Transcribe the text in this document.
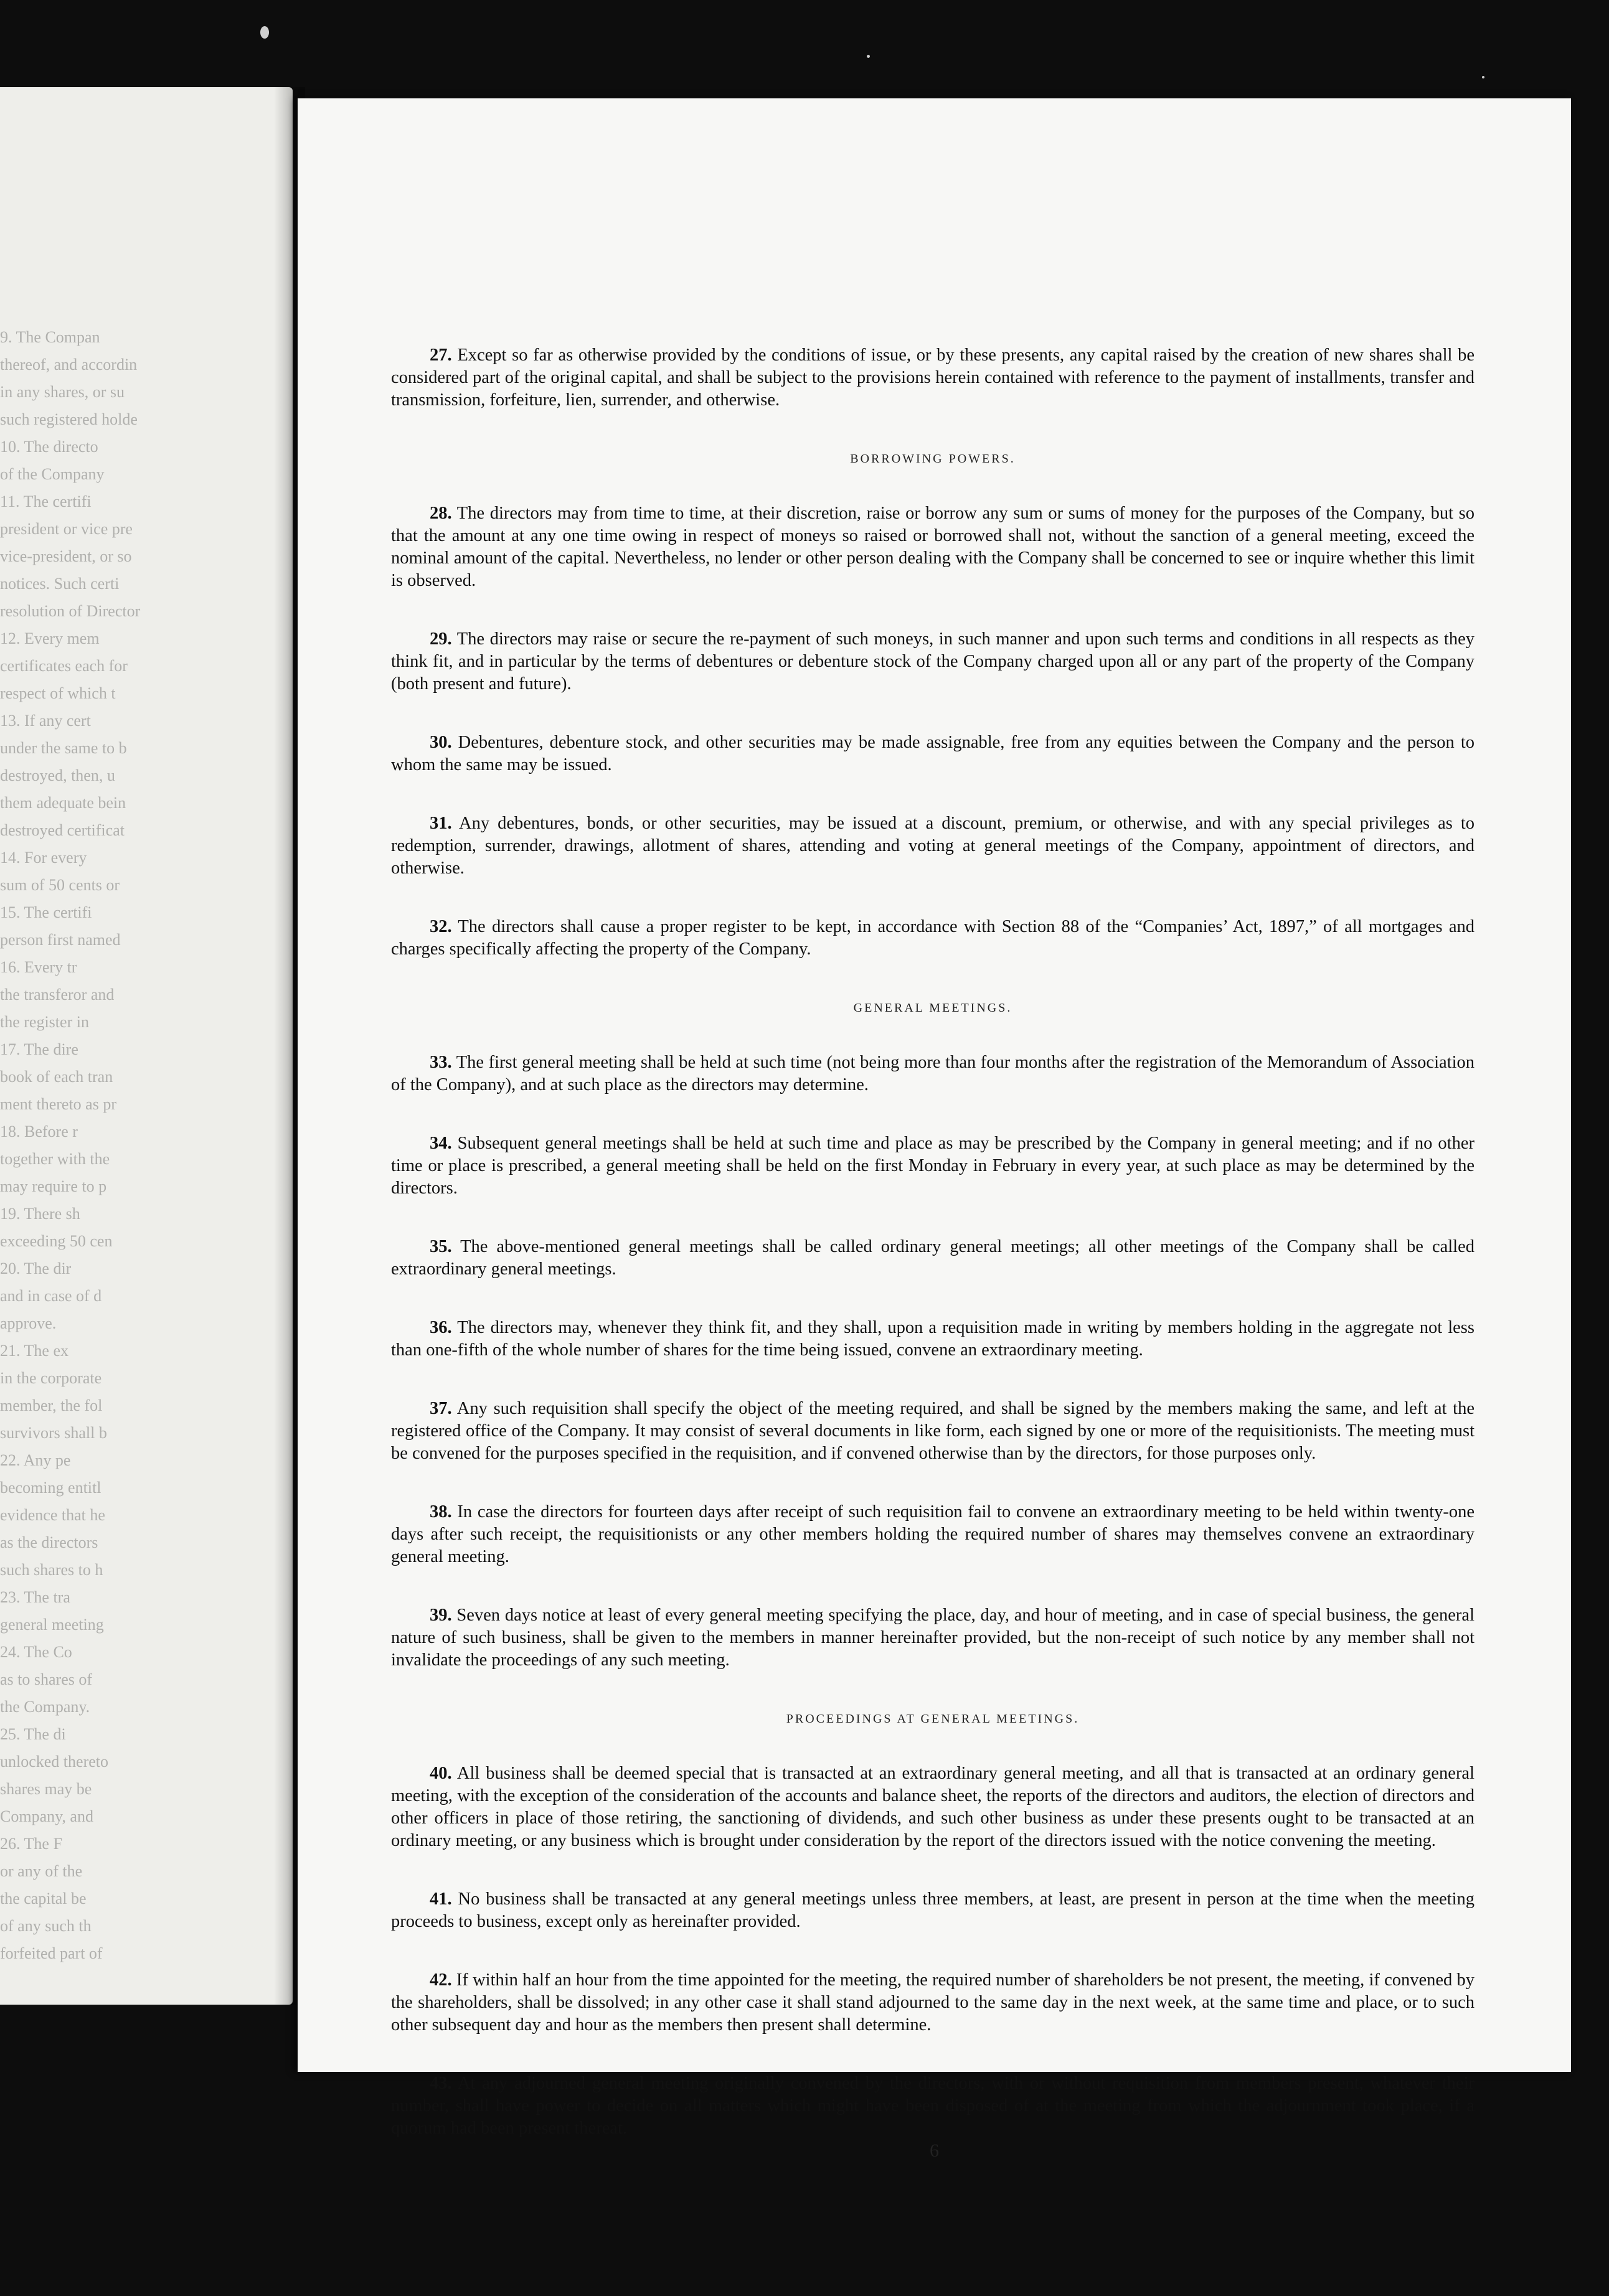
9. The Compan
thereof, and accordin
in any shares, or su
such registered holde
10. The directo
of the Company
11. The certifi
president or vice pre
vice-president, or so
notices. Such certi
resolution of Director
12. Every mem
certificates each for
respect of which t
13. If any cert
under the same to b
destroyed, then, u
them adequate bein
destroyed certificat
14. For every
sum of 50 cents or
15. The certifi
person first named
16. Every tr
the transferor and
the register in
17. The dire
book of each tran
ment thereto as pr
18. Before r
together with the
may require to p
19. There sh
exceeding 50 cen
20. The dir
and in case of d
approve.
21. The ex
in the corporate
member, the fol
survivors shall b
22. Any pe
becoming entitl
evidence that he
as the directors
such shares to h
23. The tra
general meeting
24. The Co
as to shares of
the Company.
25. The di
unlocked thereto
shares may be
Company, and
26. The F
or any of the
the capital be
of any such th
forfeited part of

27. Except so far as otherwise provided by the conditions of issue, or by these presents, any capital raised by the creation of new shares shall be considered part of the original capital, and shall be subject to the provisions herein contained with reference to the payment of installments, transfer and transmission, forfeiture, lien, surrender, and otherwise.

BORROWING POWERS.

28. The directors may from time to time, at their discretion, raise or borrow any sum or sums of money for the purposes of the Company, but so that the amount at any one time owing in respect of moneys so raised or borrowed shall not, without the sanction of a general meeting, exceed the nominal amount of the capital. Nevertheless, no lender or other person dealing with the Company shall be concerned to see or inquire whether this limit is observed.

29. The directors may raise or secure the re-payment of such moneys, in such manner and upon such terms and conditions in all respects as they think fit, and in particular by the terms of debentures or debenture stock of the Company charged upon all or any part of the property of the Company (both present and future).

30. Debentures, debenture stock, and other securities may be made assignable, free from any equities between the Company and the person to whom the same may be issued.

31. Any debentures, bonds, or other securities, may be issued at a discount, premium, or otherwise, and with any special privileges as to redemption, surrender, drawings, allotment of shares, attending and voting at general meetings of the Company, appointment of directors, and otherwise.

32. The directors shall cause a proper register to be kept, in accordance with Section 88 of the “Companies’ Act, 1897,” of all mortgages and charges specifically affecting the property of the Company.

GENERAL MEETINGS.

33. The first general meeting shall be held at such time (not being more than four months after the registration of the Memorandum of Association of the Company), and at such place as the directors may determine.

34. Subsequent general meetings shall be held at such time and place as may be prescribed by the Company in general meeting; and if no other time or place is prescribed, a general meeting shall be held on the first Monday in February in every year, at such place as may be determined by the directors.

35. The above-mentioned general meetings shall be called ordinary general meetings; all other meetings of the Company shall be called extraordinary general meetings.

36. The directors may, whenever they think fit, and they shall, upon a requisition made in writing by members holding in the aggregate not less than one-fifth of the whole number of shares for the time being issued, convene an extraordinary meeting.

37. Any such requisition shall specify the object of the meeting required, and shall be signed by the members making the same, and left at the registered office of the Company. It may consist of several documents in like form, each signed by one or more of the requisitionists. The meeting must be convened for the purposes specified in the requisition, and if convened otherwise than by the directors, for those purposes only.

38. In case the directors for fourteen days after receipt of such requisition fail to convene an extraordinary meeting to be held within twenty-one days after such receipt, the requisitionists or any other members holding the required number of shares may themselves convene an extraordinary general meeting.

39. Seven days notice at least of every general meeting specifying the place, day, and hour of meeting, and in case of special business, the general nature of such business, shall be given to the members in manner hereinafter provided, but the non-receipt of such notice by any member shall not invalidate the proceedings of any such meeting.

PROCEEDINGS AT GENERAL MEETINGS.

40. All business shall be deemed special that is transacted at an extraordinary general meeting, and all that is transacted at an ordinary general meeting, with the exception of the consideration of the accounts and balance sheet, the reports of the directors and auditors, the election of directors and other officers in place of those retiring, the sanctioning of dividends, and such other business as under these presents ought to be transacted at an ordinary meeting, or any business which is brought under consideration by the report of the directors issued with the notice convening the meeting.

41. No business shall be transacted at any general meetings unless three members, at least, are present in person at the time when the meeting proceeds to business, except only as hereinafter provided.

42. If within half an hour from the time appointed for the meeting, the required number of shareholders be not present, the meeting, if convened by the shareholders, shall be dissolved; in any other case it shall stand adjourned to the same day in the next week, at the same time and place, or to such other subsequent day and hour as the members then present shall determine.

43. At any adjourned general meeting originally convened by the directors, with or without requisition from members present, whatever their number, shall have power to decide on all matters which might have been disposed of at the meeting from which the adjournment took place, if a quorum had been present thereat.

6
